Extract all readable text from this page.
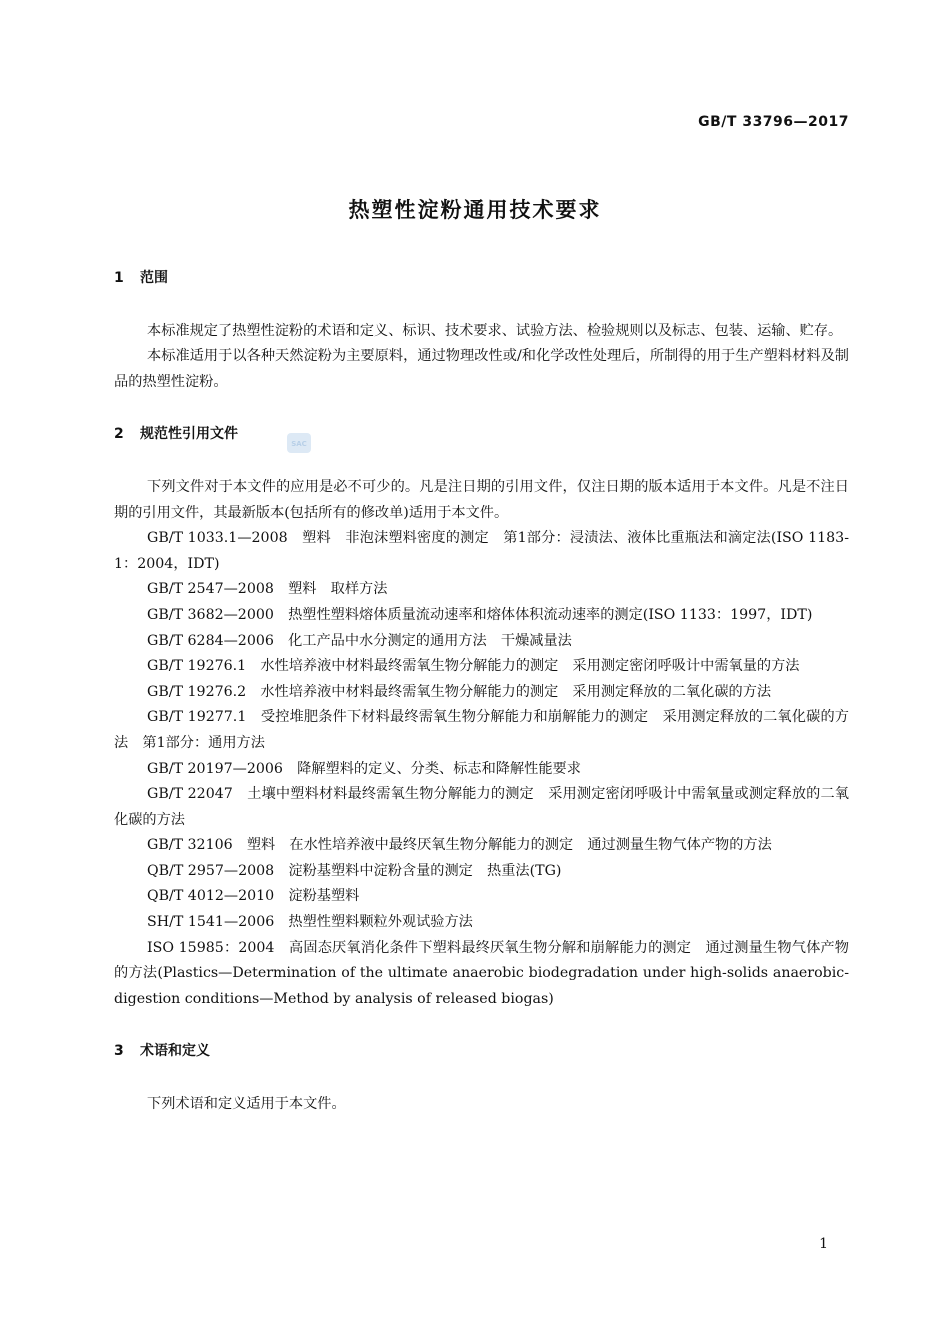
GB/T 33796—2017
热塑性淀粉通用技术要求
SAC
1 范围

本标准规定了热塑性淀粉的术语和定义、标识、技术要求、试验方法、检验规则以及标志、包装、运输、贮存。

本标准适用于以各种天然淀粉为主要原料，通过物理改性或/和化学改性处理后，所制得的用于生产塑料材料及制品的热塑性淀粉。

2 规范性引用文件

下列文件对于本文件的应用是必不可少的。凡是注日期的引用文件，仅注日期的版本适用于本文件。凡是不注日期的引用文件，其最新版本(包括所有的修改单)适用于本文件。

GB/T 1033.1—2008　塑料　非泡沫塑料密度的测定　第1部分：浸渍法、液体比重瓶法和滴定法(ISO 1183-1：2004，IDT)

GB/T 2547—2008　塑料　取样方法

GB/T 3682—2000　热塑性塑料熔体质量流动速率和熔体体积流动速率的测定(ISO 1133：1997，IDT)

GB/T 6284—2006　化工产品中水分测定的通用方法　干燥减量法

GB/T 19276.1　水性培养液中材料最终需氧生物分解能力的测定　采用测定密闭呼吸计中需氧量的方法

GB/T 19276.2　水性培养液中材料最终需氧生物分解能力的测定　采用测定释放的二氧化碳的方法

GB/T 19277.1　受控堆肥条件下材料最终需氧生物分解能力和崩解能力的测定　采用测定释放的二氧化碳的方法　第1部分：通用方法

GB/T 20197—2006　降解塑料的定义、分类、标志和降解性能要求

GB/T 22047　土壤中塑料材料最终需氧生物分解能力的测定　采用测定密闭呼吸计中需氧量或测定释放的二氧化碳的方法

GB/T 32106　塑料　在水性培养液中最终厌氧生物分解能力的测定　通过测量生物气体产物的方法

QB/T 2957—2008　淀粉基塑料中淀粉含量的测定　热重法(TG)

QB/T 4012—2010　淀粉基塑料

SH/T 1541—2006　热塑性塑料颗粒外观试验方法

ISO 15985：2004　高固态厌氧消化条件下塑料最终厌氧生物分解和崩解能力的测定　通过测量生物气体产物的方法(Plastics—Determination of the ultimate anaerobic biodegradation under high-solids anaerobic-digestion conditions—Method by analysis of released biogas)

3 术语和定义

下列术语和定义适用于本文件。

1
